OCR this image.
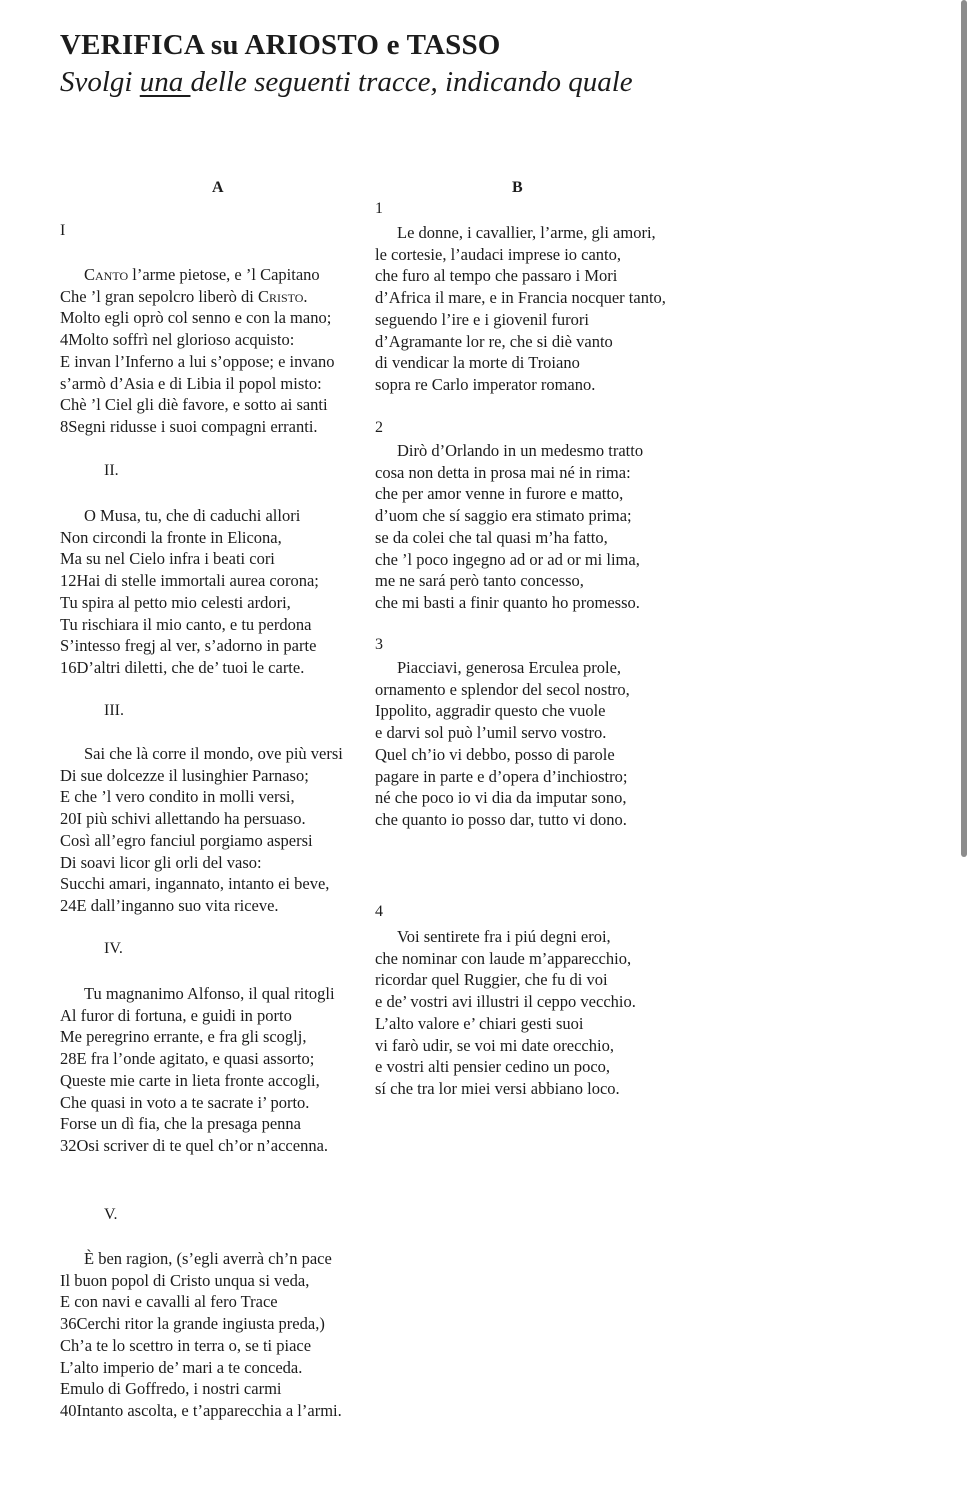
VERIFICA su ARIOSTO e TASSO
Svolgi una delle seguenti tracce, indicando quale
A	B
I
Canto l’arme pietose, e ’l Capitano
Che ’l gran sepolcro liberò di Cristo.
Molto egli oprò col senno e con la mano;
4Molto soffrì nel glorioso acquisto:
E invan l’Inferno a lui s’oppose; e invano
s’armò d’Asia e di Libia il popol misto:
Chè ’l Ciel gli diè favore, e sotto ai santi
8Segni ridusse i suoi compagni erranti.
II.
O Musa, tu, che di caduchi allori
Non circondi la fronte in Elicona,
Ma su nel Cielo infra i beati cori
12Hai di stelle immortali aurea corona;
Tu spira al petto mio celesti ardori,
Tu rischiara il mio canto, e tu perdona
S’intesso fregj al ver, s’adorno in parte
16D’altri diletti, che de’ tuoi le carte.
III.
Sai che là corre il mondo, ove più versi
Di sue dolcezze il lusinghier Parnaso;
E che ’l vero condito in molli versi,
20I più schivi allettando ha persuaso.
Così all’egro fanciul porgiamo aspersi
Di soavi licor gli orli del vaso:
Succhi amari, ingannato, intanto ei beve,
24E dall’inganno suo vita riceve.
IV.
Tu magnanimo Alfonso, il qual ritogli
Al furor di fortuna, e guidi in porto
Me peregrino errante, e fra gli scoglj,
28E fra l’onde agitato, e quasi assorto;
Queste mie carte in lieta fronte accogli,
Che quasi in voto a te sacrate i’ porto.
Forse un dì fia, che la presaga penna
32Osi scriver di te quel ch’or n’accenna.
V.
È ben ragion, (s’egli averrà ch’n pace
Il buon popol di Cristo unqua si veda,
E con navi e cavalli al fero Trace
36Cerchi ritor la grande ingiusta preda,)
Ch’a te lo scettro in terra o, se ti piace
L’alto imperio de’ mari a te conceda.
Emulo di Goffredo, i nostri carmi
40Intanto ascolta, e t’apparecchia a l’armi.
1
Le donne, i cavallier, l’arme, gli amori,
le cortesie, l’audaci imprese io canto,
che furo al tempo che passaro i Mori
d’Africa il mare, e in Francia nocquer tanto,
seguendo l’ire e i giovenil furori
d’Agramante lor re, che si diè vanto
di vendicar la morte di Troiano
sopra re Carlo imperator romano.
2
Dirò d’Orlando in un medesmo tratto
cosa non detta in prosa mai né in rima:
che per amor venne in furore e matto,
d’uom che sí saggio era stimato prima;
se da colei che tal quasi m’ha fatto,
che ’l poco ingegno ad or ad or mi lima,
me ne sará però tanto concesso,
che mi basti a finir quanto ho promesso.
3
Piacciavi, generosa Erculea prole,
ornamento e splendor del secol nostro,
Ippolito, aggradir questo che vuole
e darvi sol può l’umil servo vostro.
Quel ch’io vi debbo, posso di parole
pagare in parte e d’opera d’inchiostro;
né che poco io vi dia da imputar sono,
che quanto io posso dar, tutto vi dono.
4
Voi sentirete fra i piú degni eroi,
che nominar con laude m’apparecchio,
ricordar quel Ruggier, che fu di voi
e de’ vostri avi illustri il ceppo vecchio.
L’alto valore e’ chiari gesti suoi
vi farò udir, se voi mi date orecchio,
e vostri alti pensier cedino un poco,
sí che tra lor miei versi abbiano loco.
